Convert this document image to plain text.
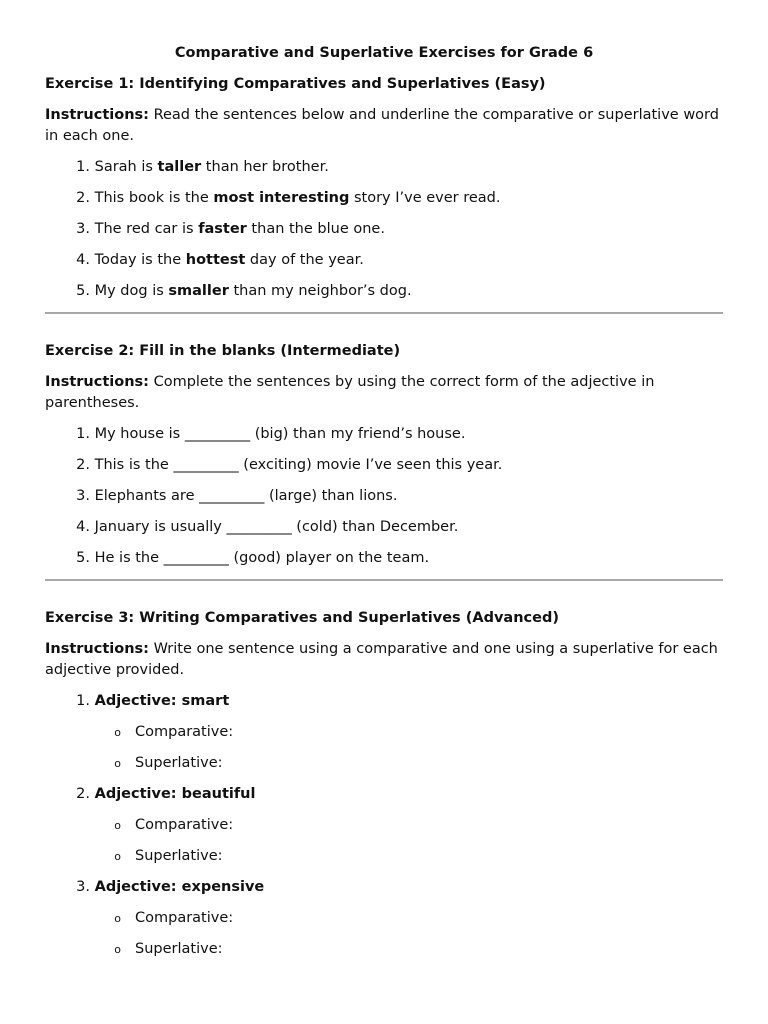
Comparative and Superlative Exercises for Grade 6
Exercise 1: Identifying Comparatives and Superlatives (Easy)
Instructions: Read the sentences below and underline the comparative or superlative word in each one.
1. Sarah is taller than her brother.
2. This book is the most interesting story I’ve ever read.
3. The red car is faster than the blue one.
4. Today is the hottest day of the year.
5. My dog is smaller than my neighbor’s dog.
Exercise 2: Fill in the blanks (Intermediate)
Instructions: Complete the sentences by using the correct form of the adjective in parentheses.
1. My house is _________ (big) than my friend’s house.
2. This is the _________ (exciting) movie I’ve seen this year.
3. Elephants are _________ (large) than lions.
4. January is usually _________ (cold) than December.
5. He is the _________ (good) player on the team.
Exercise 3: Writing Comparatives and Superlatives (Advanced)
Instructions: Write one sentence using a comparative and one using a superlative for each adjective provided.
1. Adjective: smart
o Comparative:
o Superlative:
2. Adjective: beautiful
o Comparative:
o Superlative:
3. Adjective: expensive
o Comparative:
o Superlative:
